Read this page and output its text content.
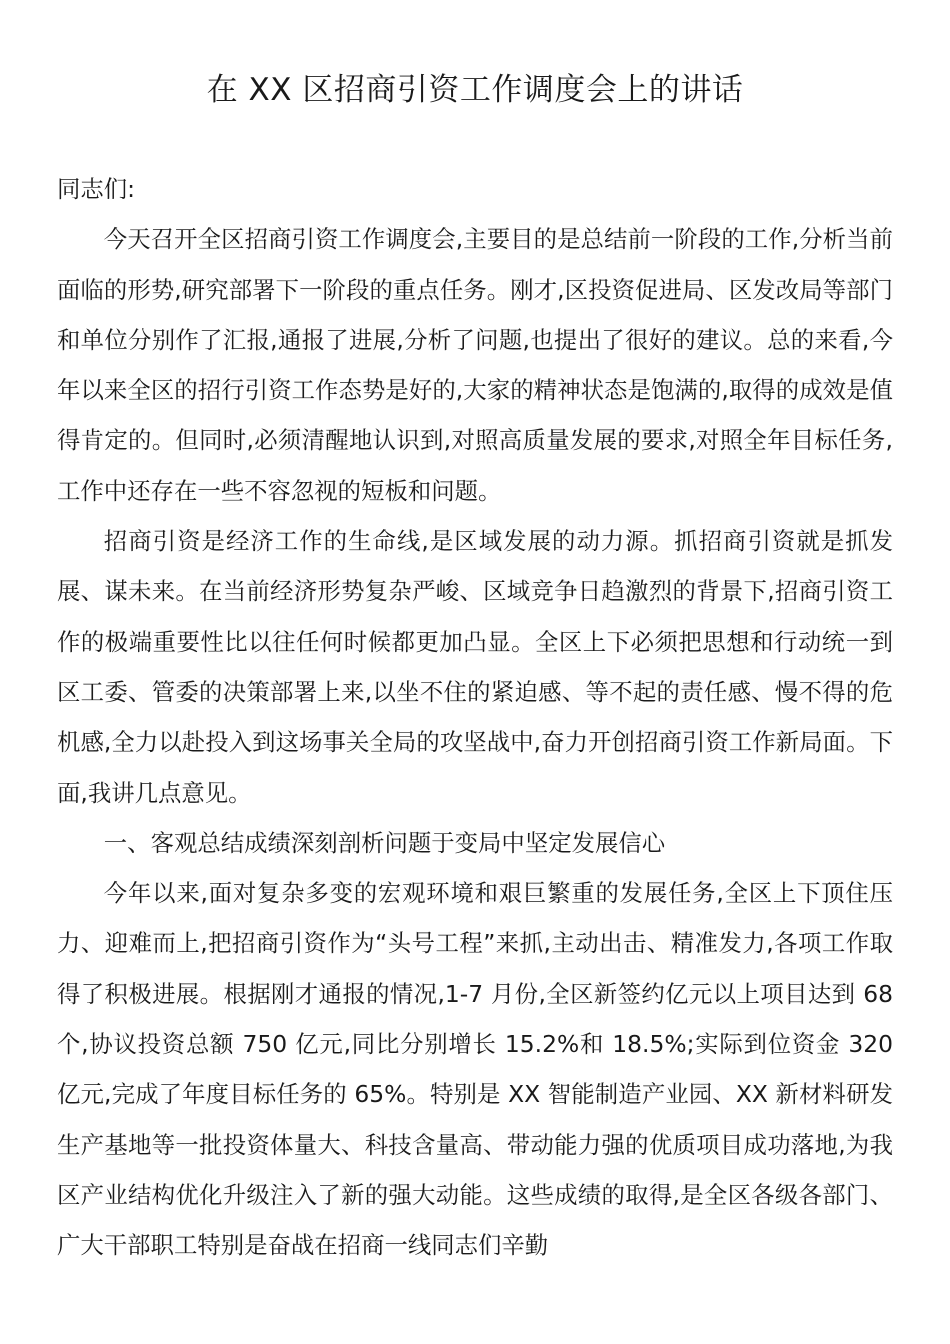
在 XX 区招商引资工作调度会上的讲话

同志们:

今天召开全区招商引资工作调度会,主要目的是总结前一阶段的工作,分析当前面临的形势,研究部署下一阶段的重点任务。刚才,区投资促进局、区发改局等部门和单位分别作了汇报,通报了进展,分析了问题,也提出了很好的建议。总的来看,今年以来全区的招行引资工作态势是好的,大家的精神状态是饱满的,取得的成效是值得肯定的。但同时,必须清醒地认识到,对照高质量发展的要求,对照全年目标任务,工作中还存在一些不容忽视的短板和问题。

招商引资是经济工作的生命线,是区域发展的动力源。抓招商引资就是抓发展、谋未来。在当前经济形势复杂严峻、区域竞争日趋激烈的背景下,招商引资工作的极端重要性比以往任何时候都更加凸显。全区上下必须把思想和行动统一到区工委、管委的决策部署上来,以坐不住的紧迫感、等不起的责任感、慢不得的危机感,全力以赴投入到这场事关全局的攻坚战中,奋力开创招商引资工作新局面。下面,我讲几点意见。

一、客观总结成绩深刻剖析问题于变局中坚定发展信心

今年以来,面对复杂多变的宏观环境和艰巨繁重的发展任务,全区上下顶住压力、迎难而上,把招商引资作为“头号工程”来抓,主动出击、精准发力,各项工作取得了积极进展。根据刚才通报的情况,1-7 月份,全区新签约亿元以上项目达到 68 个,协议投资总额 750 亿元,同比分别增长 15.2%和 18.5%;实际到位资金 320 亿元,完成了年度目标任务的 65%。特别是 XX 智能制造产业园、XX 新材料研发生产基地等一批投资体量大、科技含量高、带动能力强的优质项目成功落地,为我区产业结构优化升级注入了新的强大动能。这些成绩的取得,是全区各级各部门、广大干部职工特别是奋战在招商一线同志们辛勤
